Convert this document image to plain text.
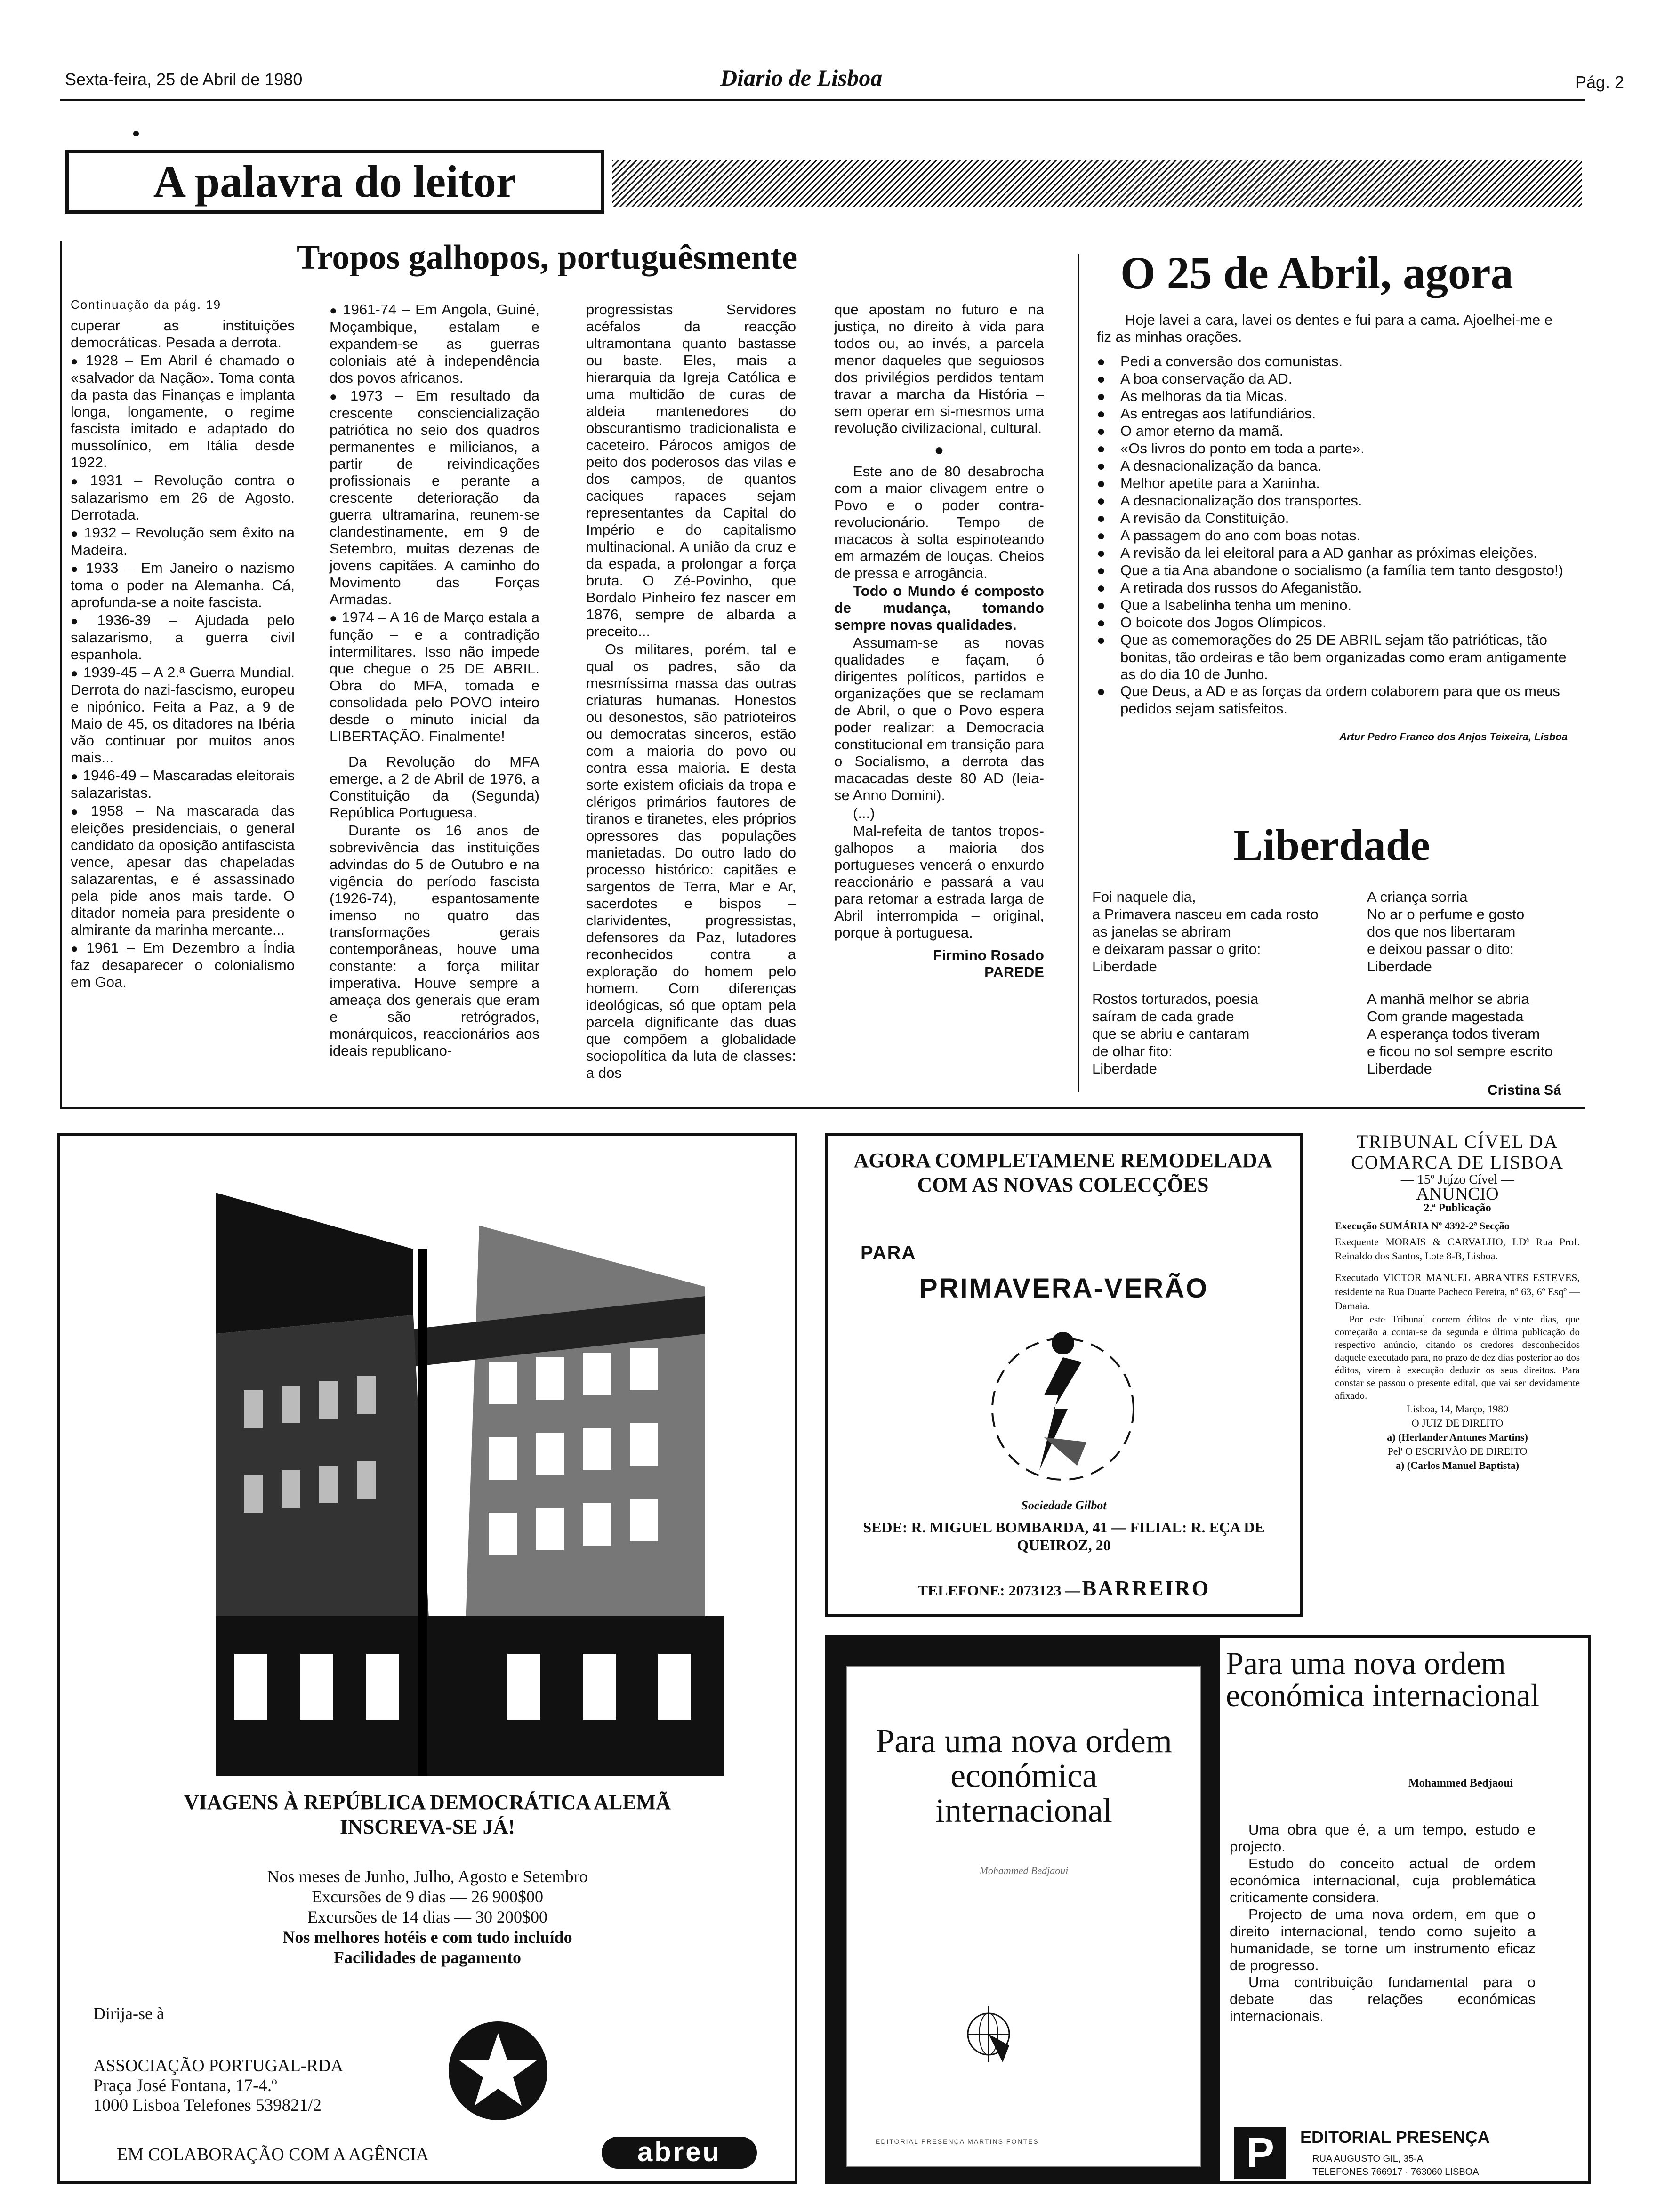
Sexta-feira, 25 de Abril de 1980	Diario de Lisboa	Pág. 2
A palavra do leitor
Tropos galhopos, portuguêsmente
Continuação da pág. 19

cuperar as instituições democráticas. Pesada a derrota.

● 1928 – Em Abril é chamado o «salvador da Nação». Toma conta da pasta das Finanças e implanta longa, longamente, o regime fascista imitado e adaptado do mussolínico, em Itália desde 1922.

● 1931 – Revolução contra o salazarismo em 26 de Agosto. Derrotada.

● 1932 – Revolução sem êxito na Madeira.

● 1933 – Em Janeiro o nazismo toma o poder na Alemanha. Cá, aprofunda-se a noite fascista.

● 1936-39 – Ajudada pelo salazarismo, a guerra civil espanhola.

● 1939-45 – A 2.ª Guerra Mundial. Derrota do nazi-fascismo, europeu e nipónico. Feita a Paz, a 9 de Maio de 45, os ditadores na Ibéria vão continuar por muitos anos mais...

● 1946-49 – Mascaradas eleitorais salazaristas.

● 1958 – Na mascarada das eleições presidenciais, o general candidato da oposição antifascista vence, apesar das chapeladas salazarentas, e é assassinado pela pide anos mais tarde. O ditador nomeia para presidente o almirante da marinha mercante...

● 1961 – Em Dezembro a Índia faz desaparecer o colonialismo em Goa.

● 1961-74 – Em Angola, Guiné, Moçambique, estalam e expandem-se as guerras coloniais até à independência dos povos africanos.

● 1973 – Em resultado da crescente consciencialização patriótica no seio dos quadros permanentes e milicianos, a partir de reivindicações profissionais e perante a crescente deterioração da guerra ultramarina, reunem-se clandestinamente, em 9 de Setembro, muitas dezenas de jovens capitães. A caminho do Movimento das Forças Armadas.

● 1974 – A 16 de Março estala a função – e a contradição intermilitares. Isso não impede que chegue o 25 DE ABRIL. Obra do MFA, tomada e consolidada pelo POVO inteiro desde o minuto inicial da LIBERTAÇÃO. Finalmente!

Da Revolução do MFA emerge, a 2 de Abril de 1976, a Constituição da (Segunda) República Portuguesa.

Durante os 16 anos de sobrevivência das instituições advindas do 5 de Outubro e na vigência do período fascista (1926-74), espantosamente imenso no quatro das transformações gerais contemporâneas, houve uma constante: a força militar imperativa. Houve sempre a ameaça dos generais que eram e são retrógrados, monárquicos, reaccionários aos ideais republicano-

progressistas Servidores acéfalos da reacção ultramontana quanto bastasse ou baste. Eles, mais a hierarquia da Igreja Católica e uma multidão de curas de aldeia mantenedores do obscurantismo tradicionalista e caceteiro. Párocos amigos de peito dos poderosos das vilas e dos campos, de quantos caciques rapaces sejam representantes da Capital do Império e do capitalismo multinacional. A união da cruz e da espada, a prolongar a força bruta. O Zé-Povinho, que Bordalo Pinheiro fez nascer em 1876, sempre de albarda a preceito...

Os militares, porém, tal e qual os padres, são da mesmíssima massa das outras criaturas humanas. Honestos ou desonestos, são patrioteiros ou democratas sinceros, estão com a maioria do povo ou contra essa maioria. E desta sorte existem oficiais da tropa e clérigos primários fautores de tiranos e tiranetes, eles próprios opressores das populações manietadas. Do outro lado do processo histórico: capitães e sargentos de Terra, Mar e Ar, sacerdotes e bispos – clarividentes, progressistas, defensores da Paz, lutadores reconhecidos contra a exploração do homem pelo homem. Com diferenças ideológicas, só que optam pela parcela dignificante das duas que compõem a globalidade sociopolítica da luta de classes: a dos

que apostam no futuro e na justiça, no direito à vida para todos ou, ao invés, a parcela menor daqueles que seguiosos dos privilégios perdidos tentam travar a marcha da História – sem operar em si-mesmos uma revolução civilizacional, cultural.

●

Este ano de 80 desabrocha com a maior clivagem entre o Povo e o poder contra-revolucionário. Tempo de macacos à solta espinoteando em armazém de louças. Cheios de pressa e arrogância.

Todo o Mundo é composto de mudança, tomando sempre novas qualidades.

Assumam-se as novas qualidades e façam, ó dirigentes políticos, partidos e organizações que se reclamam de Abril, o que o Povo espera poder realizar: a Democracia constitucional em transição para o Socialismo, a derrota das macacadas deste 80 AD (leia-se Anno Domini).

(...)

Mal-refeita de tantos tropos-galhopos a maioria dos portugueses vencerá o enxurdo reaccionário e passará a vau para retomar a estrada larga de Abril interrompida – original, porque à portuguesa.

Firmino Rosado
PAREDE
O 25 de Abril, agora

Hoje lavei a cara, lavei os dentes e fui para a cama. Ajoelhei-me e fiz as minhas orações.

● Pedi a conversão dos comunistas.
● A boa conservação da AD.
● As melhoras da tia Micas.
● As entregas aos latifundiários.
● O amor eterno da mamã.
● «Os livros do ponto em toda a parte».
● A desnacionalização da banca.
● Melhor apetite para a Xaninha.
● A desnacionalização dos transportes.
● A revisão da Constituição.
● A passagem do ano com boas notas.
● A revisão da lei eleitoral para a AD ganhar as próximas eleições.
● Que a tia Ana abandone o socialismo (a família tem tanto desgosto!)
● A retirada dos russos do Afeganistão.
● Que a Isabelinha tenha um menino.
● O boicote dos Jogos Olímpicos.
● Que as comemorações do 25 DE ABRIL sejam tão patrióticas, tão bonitas, tão ordeiras e tão bem organizadas como eram antigamente as do dia 10 de Junho.
● Que Deus, a AD e as forças da ordem colaborem para que os meus pedidos sejam satisfeitos.
Artur Pedro Franco dos Anjos Teixeira, Lisboa
Liberdade
Foi naquele dia,
a Primavera nasceu em cada rosto
as janelas se abriram
e deixaram passar o grito:
Liberdade
Rostos torturados, poesia
saíram de cada grade
que se abriu e cantaram
de olhar fito:
Liberdade
A criança sorria
No ar o perfume e gosto
dos que nos libertaram
e deixou passar o dito:
Liberdade
A manhã melhor se abria
Com grande magestada
A esperança todos tiveram
e ficou no sol sempre escrito
Liberdade
Cristina Sá
VIAGENS À REPÚBLICA DEMOCRÁTICA ALEMÃ
INSCREVA-SE JÁ!
Nos meses de Junho, Julho, Agosto e Setembro
Excursões de 9 dias — 26 900$00
Excursões de 14 dias — 30 200$00
Nos melhores hotéis e com tudo incluído
Facilidades de pagamento
Dirija-se à
ASSOCIAÇÃO PORTUGAL-RDA
Praça José Fontana, 17-4.º
1000 Lisboa Telefones 539821/2
EM COLABORAÇÃO COM A AGÊNCIA	abreu
AGORA COMPLETAMENE REMODELADA
COM AS NOVAS COLECÇÕES
PARA
PRIMAVERA-VERÃO
Sociedade Gilbot
SEDE: R. MIGUEL BOMBARDA, 41 — FILIAL: R. EÇA DE QUEIROZ, 20
TELEFONE: 2073123 — BARREIRO
TRIBUNAL CÍVEL DA
COMARCA DE LISBOA
— 15º Juízo Cível —
ANÚNCIO
2.ª Publicação
Execução SUMÁRIA Nº 4392-2ª Secção
Exequente MORAIS & CARVALHO, LDª Rua Prof. Reinaldo dos Santos, Lote 8-B, Lisboa.
Executado VICTOR MANUEL ABRANTES ESTEVES, residente na Rua Duarte Pacheco Pereira, nº 63, 6º Esqº — Damaia.
Por este Tribunal correm éditos de vinte dias, que começarão a contar-se da segunda e última publicação do respectivo anúncio, citando os credores desconhecidos daquele executado para, no prazo de dez dias posterior ao dos éditos, virem à execução deduzir os seus direitos. Para constar se passou o presente edital, que vai ser devidamente afixado.
Lisboa, 14, Março, 1980
O JUIZ DE DIREITO
a) (Herlander Antunes Martins)
Pel' O ESCRIVÃO DE DIREITO
a) (Carlos Manuel Baptista)
Para uma nova ordem económica internacional
Mohammed Bedjaoui
EDITORIAL PRESENÇA MARTINS FONTES
Para uma nova ordem económica internacional
Mohammed Bedjaoui

Uma obra que é, a um tempo, estudo e projecto.

Estudo do conceito actual de ordem económica internacional, cuja problemática criticamente considera.

Projecto de uma nova ordem, em que o direito internacional, tendo como sujeito a humanidade, se torne um instrumento eficaz de progresso.

Uma contribuição fundamental para o debate das relações económicas internacionais.

P	EDITORIAL PRESENÇA
RUA AUGUSTO GIL, 35-A
TELEFONES 766917 · 763060 LISBOA
